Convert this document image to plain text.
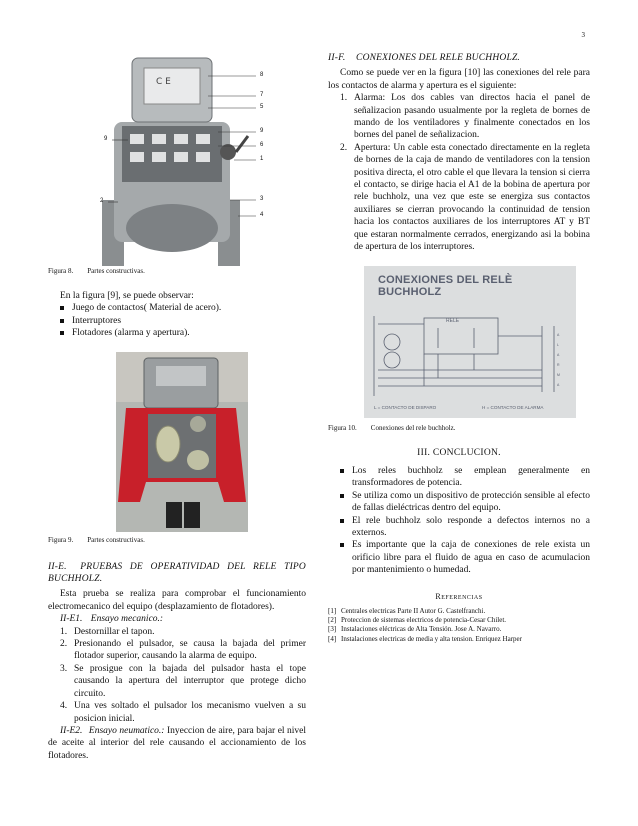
3
C E
8
7
5
9
6
1
3
4
2
9

Figura 8. Partes constructivas.

En la figura [9], se puede observar:

Juego de contactos( Material de acero).
Interruptores
Flotadores (alarma y apertura).

Figura 9. Partes constructivas.

II-E. PRUEBAS DE OPERATIVIDAD DEL RELE TIPO BUCHHOLZ.

Esta prueba se realiza para comprobar el funcionamiento electromecanico del equipo (desplazamiento de flotadores).

II-E1. Ensayo mecanico.:

1. Destornillar el tapon.
2. Presionando el pulsador, se causa la bajada del primer flotador superior, causando la alarma de equipo.
3. Se prosigue con la bajada del pulsador hasta el tope causando la apertura del interruptor que protege dicho circuito.
4. Una ves soltado el pulsador los mecanismo vuelven a su posicion inicial.

II-E2. Ensayo neumatico.: Inyeccion de aire, para bajar el nivel de aceite al interior del rele causando el accionamiento de los flotadores.

II-F. CONEXIONES DEL RELE BUCHHOLZ.

Como se puede ver en la figura [10] las conexiones del rele para los contactos de alarma y apertura es el siguiente:

1. Alarma: Los dos cables van directos hacia el panel de señalizacion pasando usualmente por la regleta de bornes de mando de los ventiladores y finalmente conectados en los bornes del panel de señalizacion.
2. Apertura: Un cable esta conectado directamente en la regleta de bornes de la caja de mando de ventiladores con la tension positiva directa, el otro cable el que llevara la tension si cierra el contacto, se dirige hacia el A1 de la bobina de apertura por rele buchholz, una vez que este se energiza sus contactos auxiliares se cierran provocando la continuidad de tension hacia los contactos auxiliares de los interruptores AT y BT que estaran normalmente cerrados, energizando asi la bobina de apertura de los interruptores.
A
L
A
R
M
A
CONEXIONES DEL RELÈ BUCHHOLZ
RELE
L = CONTACTO DE DISPARO	H = CONTACTO DE ALARMA

Figura 10. Conexiones del rele buchholz.

III. CONCLUCION.

Los reles buchholz se emplean generalmente en transformadores de potencia.
Se utiliza como un dispositivo de protección sensible al efecto de fallas dieléctricas dentro del equipo.
El rele buchholz solo responde a defectos internos no a externos.
Es importante que la caja de conexiones de rele exista un orificio libre para el fluido de agua en caso de acumulacion por mantenimiento o humedad.

Referencias

[1] Centrales electricas Parte II Autor G. Castelfranchi.
[2] Proteccion de sistemas electricos de potencia-Cesar Chilet.
[3] Instalaciones eléctricas de Alta Tensión. Jose A. Navarro.
[4] Instalaciones electricas de media y alta tension. Enriquez Harper
